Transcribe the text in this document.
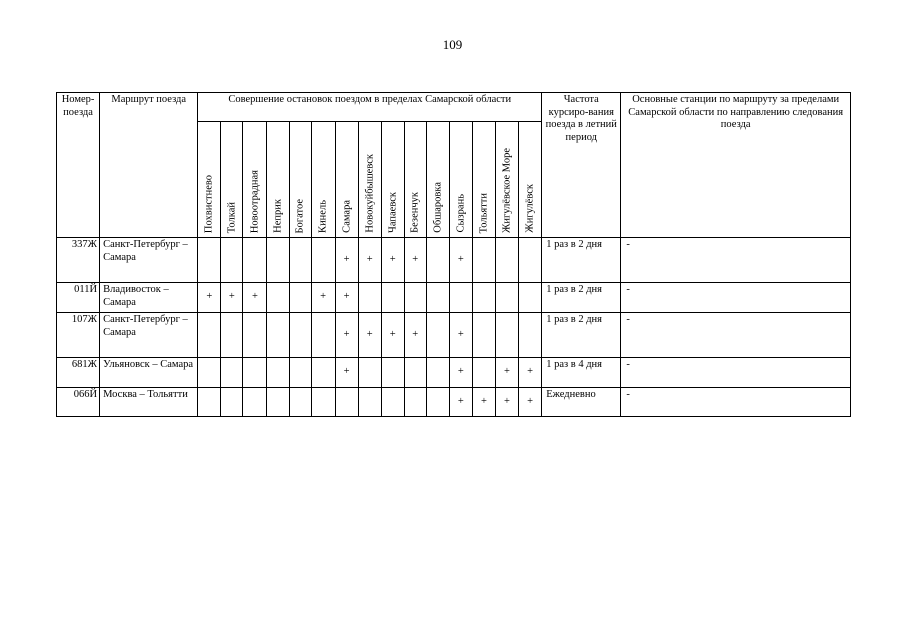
109
Номер-поезда	Маршрут поезда	Совершение остановок поездом в пределах Самарской области															Частота курсиро-вания поезда в летний период	Основные станции по маршруту за пределами Самарской области по направлению следования поезда

		Похвистнево	Толкай	Новоотрадная	Неприк	Богатое	Кинель	Самара	Новокуйбышевск	Чапаевск	Безенчук	Обшаровка	Сызрань	Тольятти	Жигулёвское Море	Жигулёвск		

337Ж	Санкт-Петербург – Самара							+	+	+	+		+				1 раз в 2 дня	-
011Й	Владивосток – Самара	+	+	+			+	+									1 раз в 2 дня	-
107Ж	Санкт-Петербург – Самара							+	+	+	+		+				1 раз в 2 дня	-
681Ж	Ульяновск – Самара							+					+		+	+	1 раз в 4 дня	-
066Й	Москва – Тольятти												+	+	+	+	Ежедневно	-
